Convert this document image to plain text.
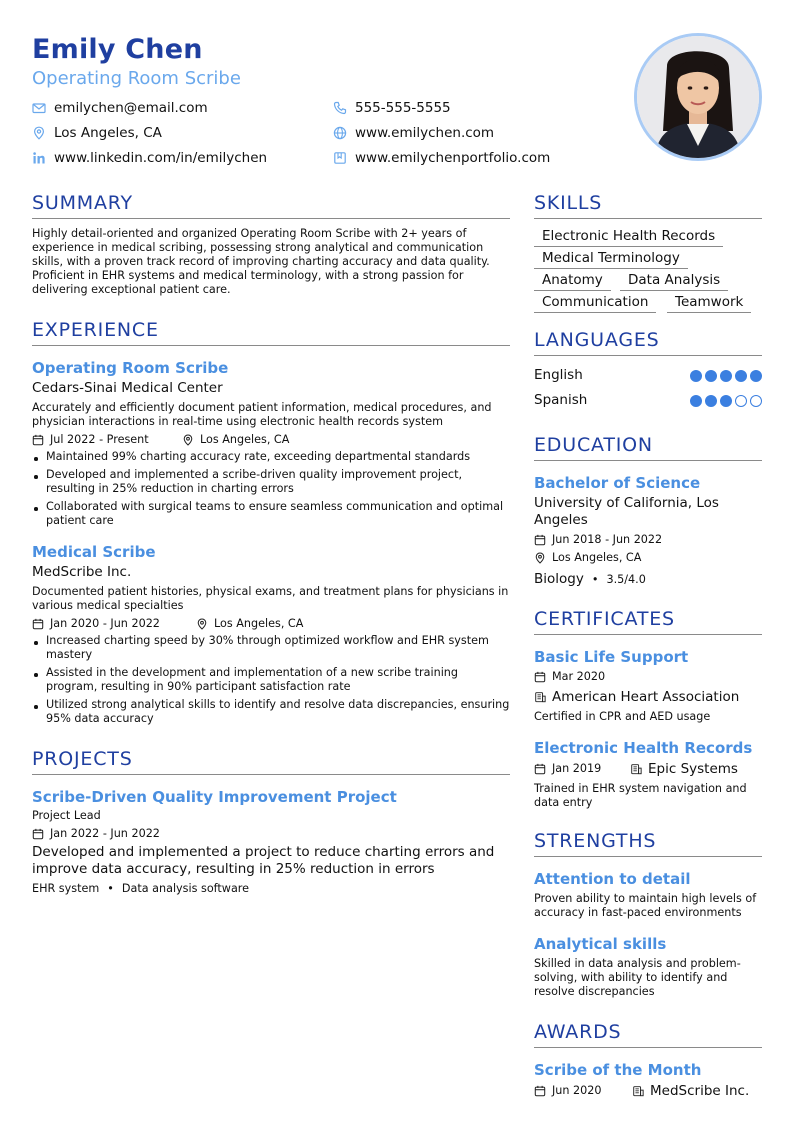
Emily Chen
Operating Room Scribe
emilychen@email.com	555-555-5555
Los Angeles, CA	www.emilychen.com
www.linkedin.com/in/emilychen	www.emilychenportfolio.com
SUMMARY
Highly detail-oriented and organized Operating Room Scribe with 2+ years of experience in medical scribing, possessing strong analytical and communication skills, with a proven track record of improving charting accuracy and data quality. Proficient in EHR systems and medical terminology, with a strong passion for delivering exceptional patient care.
EXPERIENCE
Operating Room Scribe
Cedars-Sinai Medical Center
Accurately and efficiently document patient information, medical procedures, and physician interactions in real-time using electronic health records system
Jul 2022 - Present	Los Angeles, CA
Maintained 99% charting accuracy rate, exceeding departmental standards
Developed and implemented a scribe-driven quality improvement project, resulting in 25% reduction in charting errors
Collaborated with surgical teams to ensure seamless communication and optimal patient care
Medical Scribe
MedScribe Inc.
Documented patient histories, physical exams, and treatment plans for physicians in various medical specialties
Jan 2020 - Jun 2022	Los Angeles, CA
Increased charting speed by 30% through optimized workflow and EHR system mastery
Assisted in the development and implementation of a new scribe training program, resulting in 90% participant satisfaction rate
Utilized strong analytical skills to identify and resolve data discrepancies, ensuring 95% data accuracy
PROJECTS
Scribe-Driven Quality Improvement Project
Project Lead
Jan 2022 - Jun 2022
Developed and implemented a project to reduce charting errors and improve data accuracy, resulting in 25% reduction in errors
EHR system • Data analysis software
SKILLS
Electronic Health Records
Medical Terminology
Anatomy	Data Analysis
Communication	Teamwork
LANGUAGES
English
Spanish
EDUCATION
Bachelor of Science
University of California, Los Angeles
Jun 2018 - Jun 2022
Los Angeles, CA
Biology • 3.5/4.0
CERTIFICATES
Basic Life Support
Mar 2020
American Heart Association
Certified in CPR and AED usage
Electronic Health Records
Jan 2019	Epic Systems
Trained in EHR system navigation and data entry
STRENGTHS
Attention to detail
Proven ability to maintain high levels of accuracy in fast-paced environments
Analytical skills
Skilled in data analysis and problem-solving, with ability to identify and resolve discrepancies
AWARDS
Scribe of the Month
Jun 2020	MedScribe Inc.
